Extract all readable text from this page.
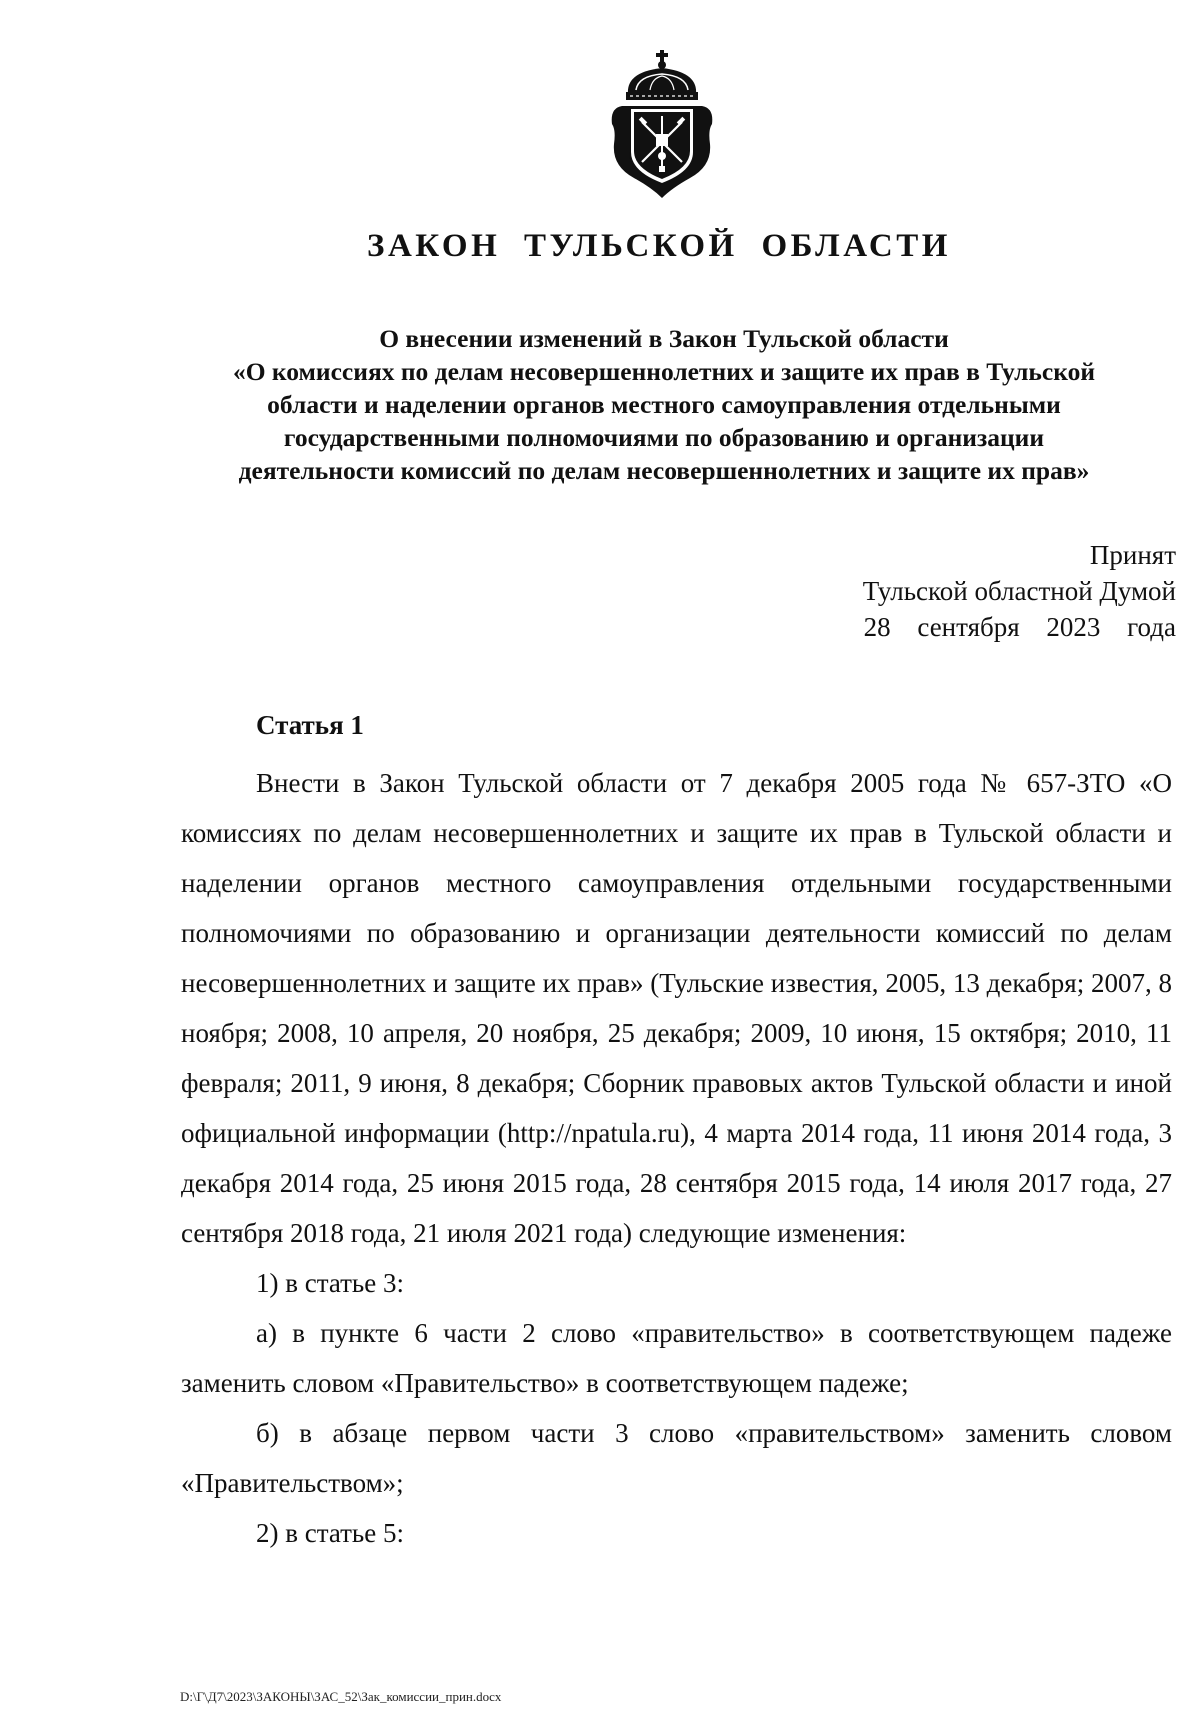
ЗАКОН ТУЛЬСКОЙ ОБЛАСТИ
О внесении изменений в Закон Тульской области
«О комиссиях по делам несовершеннолетних и защите их прав в Тульской
области и наделении органов местного самоуправления отдельными
государственными полномочиями по образованию и организации
деятельности комиссий по делам несовершеннолетних и защите их прав»
Принят
Тульской областной Думой
28 сентября 2023 года
Статья 1

Внести в Закон Тульской области от 7 декабря 2005 года № 657-ЗТО «О комиссиях по делам несовершеннолетних и защите их прав в Тульской области и наделении органов местного самоуправления отдельными государственными полномочиями по образованию и организации деятельности комиссий по делам несовершеннолетних и защите их прав» (Тульские известия, 2005, 13 декабря; 2007, 8 ноября; 2008, 10 апреля, 20 ноября, 25 декабря; 2009, 10 июня, 15 октября; 2010, 11 февраля; 2011, 9 июня, 8 декабря; Сборник правовых актов Тульской области и иной официальной информации (http://npatula.ru), 4 марта 2014 года, 11 июня 2014 года, 3 декабря 2014 года, 25 июня 2015 года, 28 сентября 2015 года, 14 июля 2017 года, 27 сентября 2018 года, 21 июля 2021 года) следующие изменения:

1) в статье 3:

а) в пункте 6 части 2 слово «правительство» в соответствующем падеже заменить словом «Правительство» в соответствующем падеже;

б) в абзаце первом части 3 слово «правительством» заменить словом «Правительством»;

2) в статье 5:

D:\Г\Д7\2023\ЗАКОНЫ\ЗАС_52\Зак_комиссии_прин.docx
